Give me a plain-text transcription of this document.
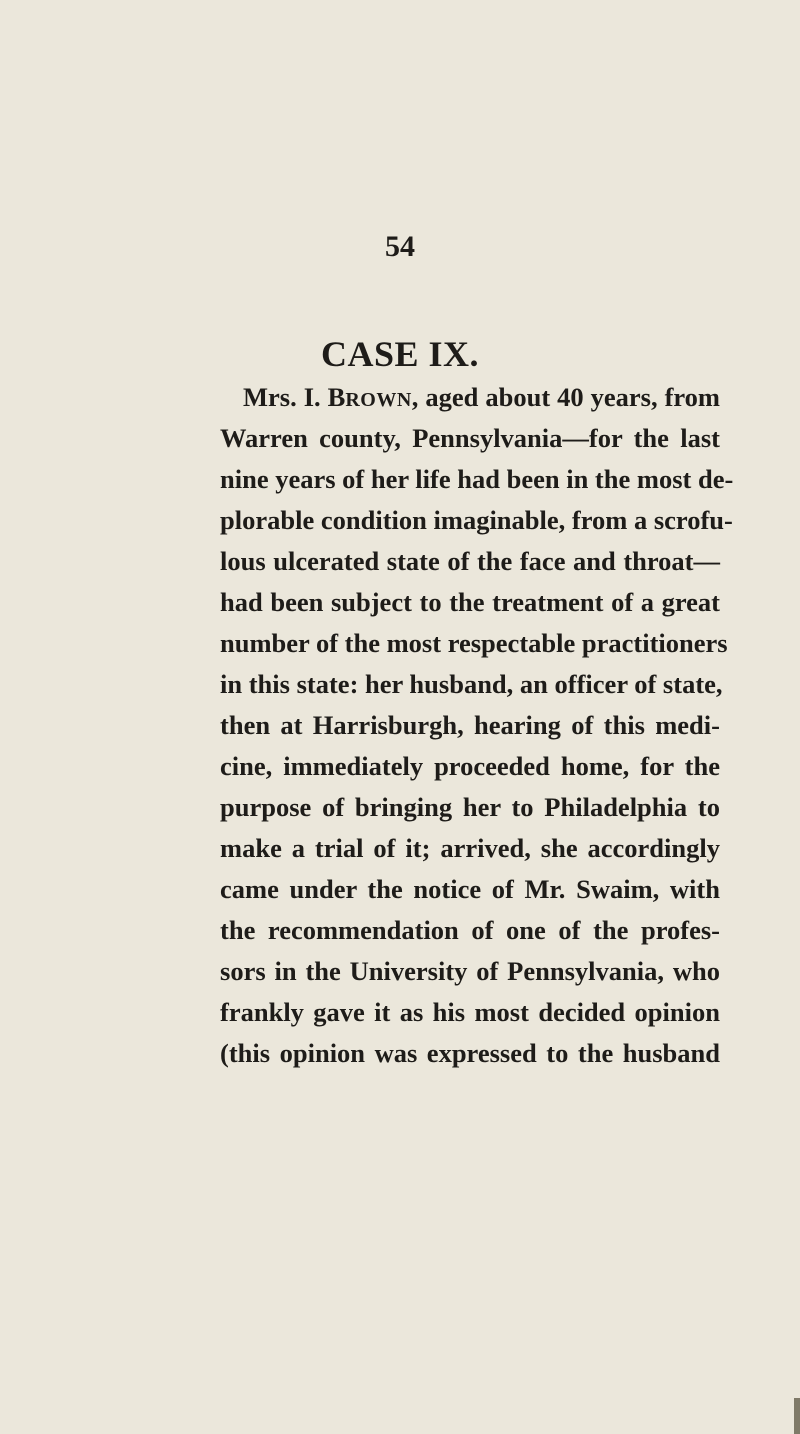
54
CASE IX.
Mrs. I. BROWN, aged about 40 years, from
Warren county, Pennsylvania—for the last
nine years of her life had been in the most de-
plorable condition imaginable, from a scrofu-
lous ulcerated state of the face and throat—
had been subject to the treatment of a great
number of the most respectable practitioners
in this state: her husband, an officer of state,
then at Harrisburgh, hearing of this medi-
cine, immediately proceeded home, for the
purpose of bringing her to Philadelphia to
make a trial of it; arrived, she accordingly
came under the notice of Mr. Swaim, with
the recommendation of one of the profes-
sors in the University of Pennsylvania, who
frankly gave it as his most decided opinion
(this opinion was expressed to the husband
